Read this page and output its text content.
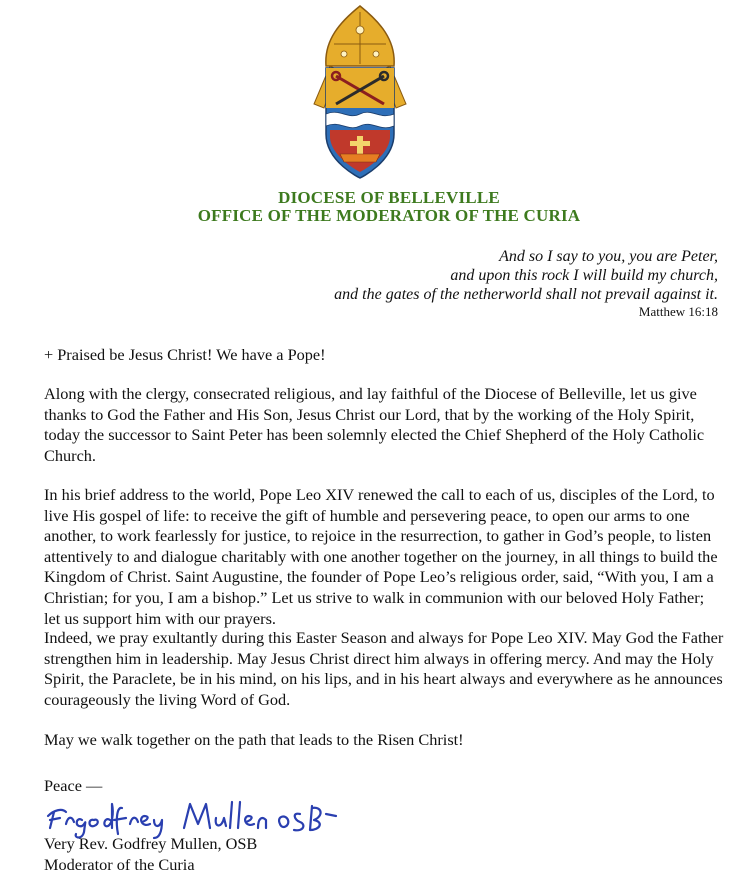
DIOCESE OF BELLEVILLE
OFFICE OF THE MODERATOR OF THE CURIA
And so I say to you, you are Peter,
and upon this rock I will build my church,
and the gates of the netherworld shall not prevail against it.
Matthew 16:18

+ Praised be Jesus Christ! We have a Pope!

Along with the clergy, consecrated religious, and lay faithful of the Diocese of Belleville, let us give thanks to God the Father and His Son, Jesus Christ our Lord, that by the working of the Holy Spirit, today the successor to Saint Peter has been solemnly elected the Chief Shepherd of the Holy Catholic Church.

In his brief address to the world, Pope Leo XIV renewed the call to each of us, disciples of the Lord, to live His gospel of life: to receive the gift of humble and persevering peace, to open our arms to one another, to work fearlessly for justice, to rejoice in the resurrection, to gather in God’s people, to listen attentively to and dialogue charitably with one another together on the journey, in all things to build the Kingdom of Christ. Saint Augustine, the founder of Pope Leo’s religious order, said, “With you, I am a Christian; for you, I am a bishop.” Let us strive to walk in communion with our beloved Holy Father; let us support him with our prayers.

Indeed, we pray exultantly during this Easter Season and always for Pope Leo XIV. May God the Father strengthen him in leadership. May Jesus Christ direct him always in offering mercy. And may the Holy Spirit, the Paraclete, be in his mind, on his lips, and in his heart always and everywhere as he announces courageously the living Word of God.

May we walk together on the path that leads to the Risen Christ!

Peace —

Very Rev. Godfrey Mullen, OSB
Moderator of the Curia
